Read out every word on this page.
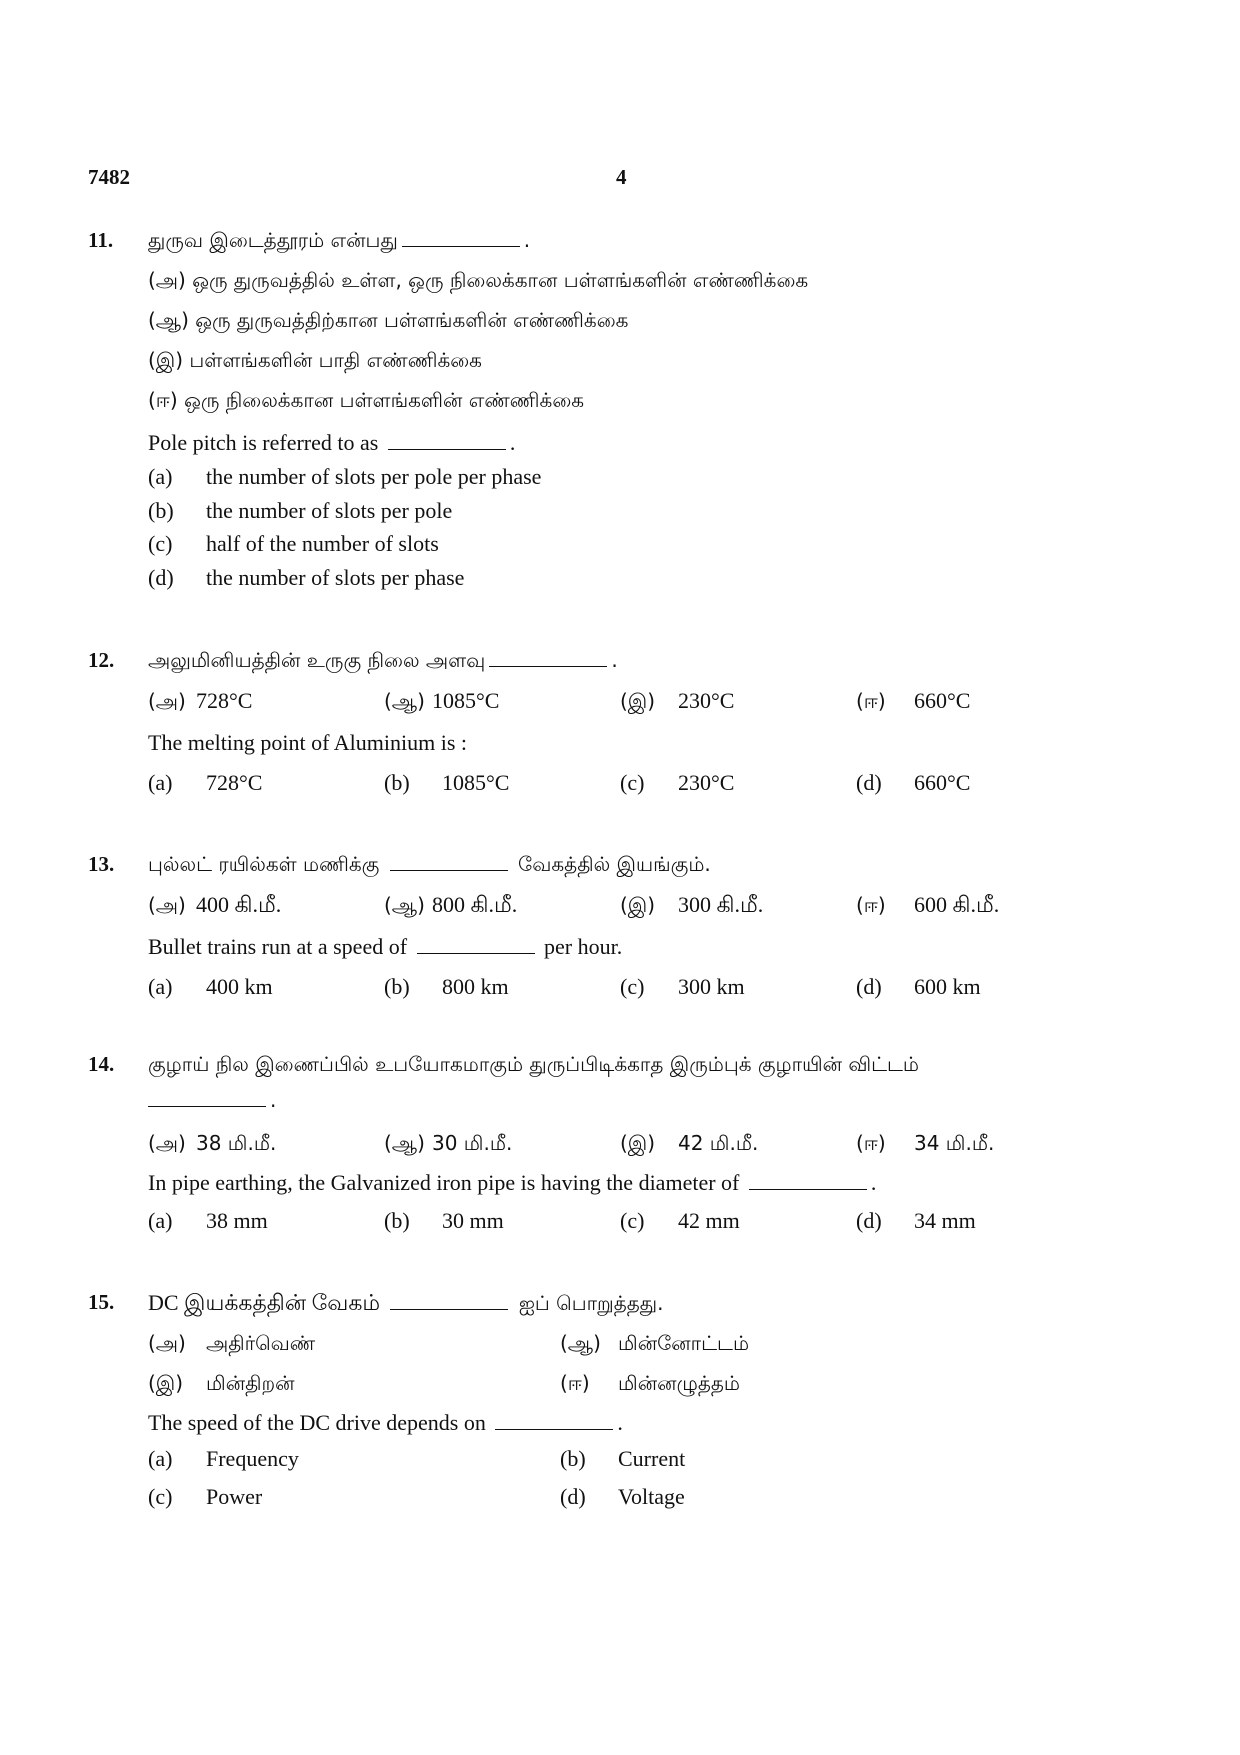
7482	4
11. துருவ இடைத்தூரம் என்பது	.
(அ) ஒரு துருவத்தில் உள்ள, ஒரு நிலைக்கான பள்ளங்களின் எண்ணிக்கை
(ஆ) ஒரு துருவத்திற்கான பள்ளங்களின் எண்ணிக்கை
(இ) பள்ளங்களின் பாதி எண்ணிக்கை
(ஈ) ஒரு நிலைக்கான பள்ளங்களின் எண்ணிக்கை
Pole pitch is referred to as	.
(a) the number of slots per pole per phase
(b) the number of slots per pole
(c) half of the number of slots
(d) the number of slots per phase
12. அலுமினியத்தின் உருகு நிலை அளவு	.
(அ) 728°C	(ஆ) 1085°C	(இ) 230°C	(ஈ) 660°C
The melting point of Aluminium is :
(a) 728°C	(b) 1085°C	(c) 230°C	(d) 660°C
13. புல்லட் ரயில்கள் மணிக்கு	வேகத்தில் இயங்கும்.
(அ) 400 கி.மீ.	(ஆ) 800 கி.மீ.	(இ) 300 கி.மீ.	(ஈ) 600 கி.மீ.
Bullet trains run at a speed of	per hour.
(a) 400 km	(b) 800 km	(c) 300 km	(d) 600 km
14. குழாய் நில இணைப்பில் உபயோகமாகும் துருப்பிடிக்காத இரும்புக் குழாயின் விட்டம்
.
(அ) 38 மி.மீ.	(ஆ) 30 மி.மீ.	(இ) 42 மி.மீ.	(ஈ) 34 மி.மீ.
In pipe earthing, the Galvanized iron pipe is having the diameter of	.
(a) 38 mm	(b) 30 mm	(c) 42 mm	(d) 34 mm
15. DC இயக்கத்தின் வேகம்	ஐப் பொறுத்தது.
(அ) அதிர்வெண்	(ஆ) மின்னோட்டம்
(இ) மின்திறன்	(ஈ) மின்னழுத்தம்
The speed of the DC drive depends on	.
(a) Frequency	(b) Current
(c) Power	(d) Voltage
